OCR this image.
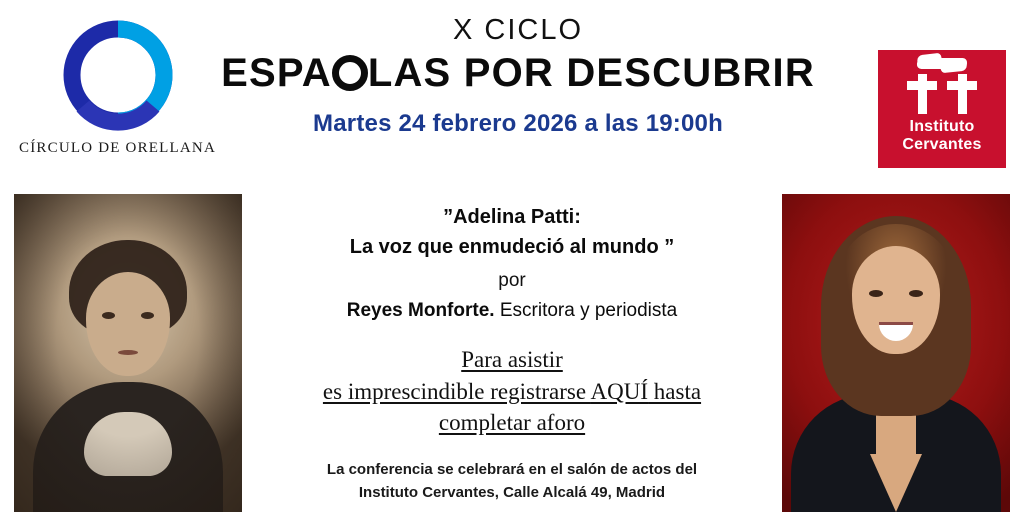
CÍRCULO DE ORELLANA
X CICLO
ESPA LAS POR DESCUBRIR
Martes 24 febrero 2026 a las 19:00h	Instituto
Cervantes
”Adelina Patti:
La voz que enmudeció al mundo ”
por
Reyes Monforte. Escritora y periodista
Para asistir
es imprescindible registrarse AQUÍ hasta
completar aforo
La conferencia se celebrará en el salón de actos del
Instituto Cervantes, Calle Alcalá 49, Madrid
